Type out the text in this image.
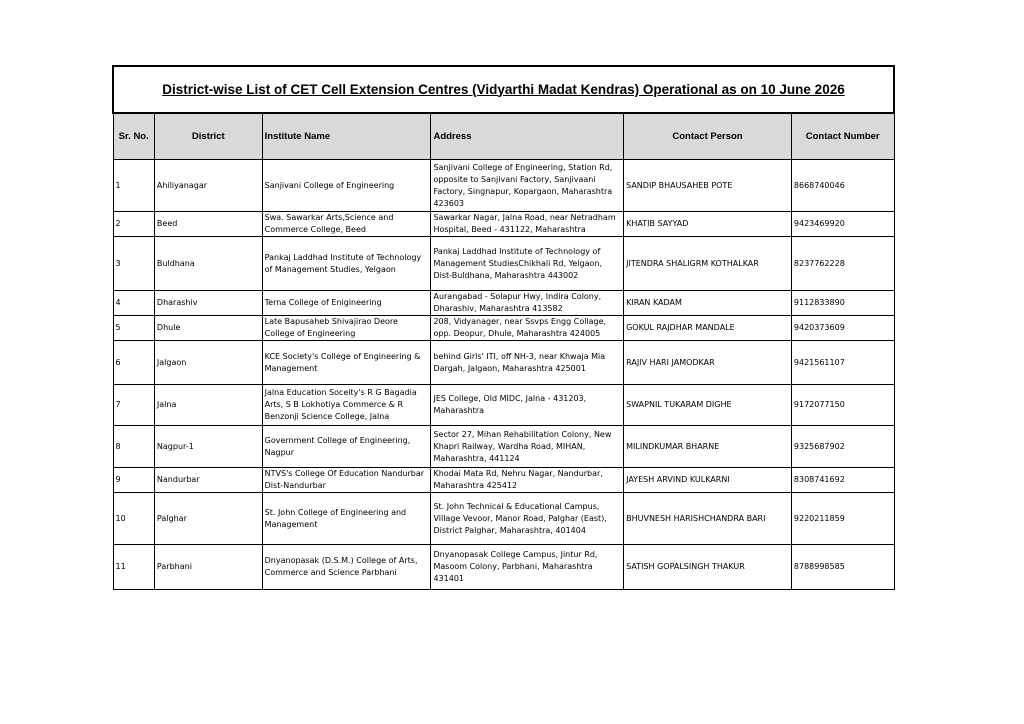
District-wise List of CET Cell Extension Centres (Vidyarthi Madat Kendras) Operational as on 10 June 2026					
Sr. No.	District	Institute Name	Address	Contact Person	Contact Number
1	Ahiliyanagar	Sanjivani College of Engineering	Sanjivani College of Engineering, Station Rd, opposite to Sanjivani Factory, Sanjivaani Factory, Singnapur, Kopargaon, Maharashtra 423603	SANDIP BHAUSAHEB POTE	8668740046
2	Beed	Swa. Sawarkar Arts,Science and Commerce College, Beed	Sawarkar Nagar, Jalna Road, near Netradham Hospital, Beed - 431122, Maharashtra	KHATIB SAYYAD	9423469920
3	Buldhana	Pankaj Laddhad Institute of Technology of Management Studies, Yelgaon	Pankaj Laddhad Institute of Technology of Management StudiesChikhali Rd, Yelgaon, Dist-Buldhana, Maharashtra 443002	JITENDRA SHALIGRM KOTHALKAR	8237762228
4	Dharashiv	Terna College of Enigineering	Aurangabad - Solapur Hwy, Indira Colony, Dharashiv, Maharashtra 413582	KIRAN KADAM	9112833890
5	Dhule	Late Bapusaheb Shivajirao Deore College of Engineering	208, Vidyanager, near Ssvps Engg Collage, opp. Deopur, Dhule, Maharashtra 424005	GOKUL RAJDHAR MANDALE	9420373609
6	Jalgaon	KCE Society's College of Engineering & Management	behind Girls' ITI, off NH-3, near Khwaja Mia Dargah, Jalgaon, Maharashtra 425001	RAJIV HARI JAMODKAR	9421561107
7	Jalna	Jalna Education Soceity's R G Bagadia Arts, S B Lokhotiya Commerce & R Benzonji Science College, Jalna	JES College, Old MIDC, Jalna - 431203, Maharashtra	SWAPNIL TUKARAM DIGHE	9172077150
8	Nagpur-1	Government College of Engineering, Nagpur	Sector 27, Mihan Rehabilitation Colony, New Khapri Railway, Wardha Road, MIHAN, Maharashtra, 441124	MILINDKUMAR BHARNE	9325687902
9	Nandurbar	NTVS's College Of Education Nandurbar Dist-Nandurbar	Khodai Mata Rd, Nehru Nagar, Nandurbar, Maharashtra 425412	JAYESH ARVIND KULKARNI	8308741692
10	Palghar	St. John College of Engineering and Management	St. John Technical & Educational Campus, Village Vevoor, Manor Road, Palghar (East), District Palghar, Maharashtra, 401404	BHUVNESH HARISHCHANDRA BARI	9220211859
11	Parbhani	Dnyanopasak (D.S.M.) College of Arts, Commerce and Science Parbhani	Dnyanopasak College Campus, Jintur Rd, Masoom Colony, Parbhani, Maharashtra 431401	SATISH GOPALSINGH THAKUR	8788998585
